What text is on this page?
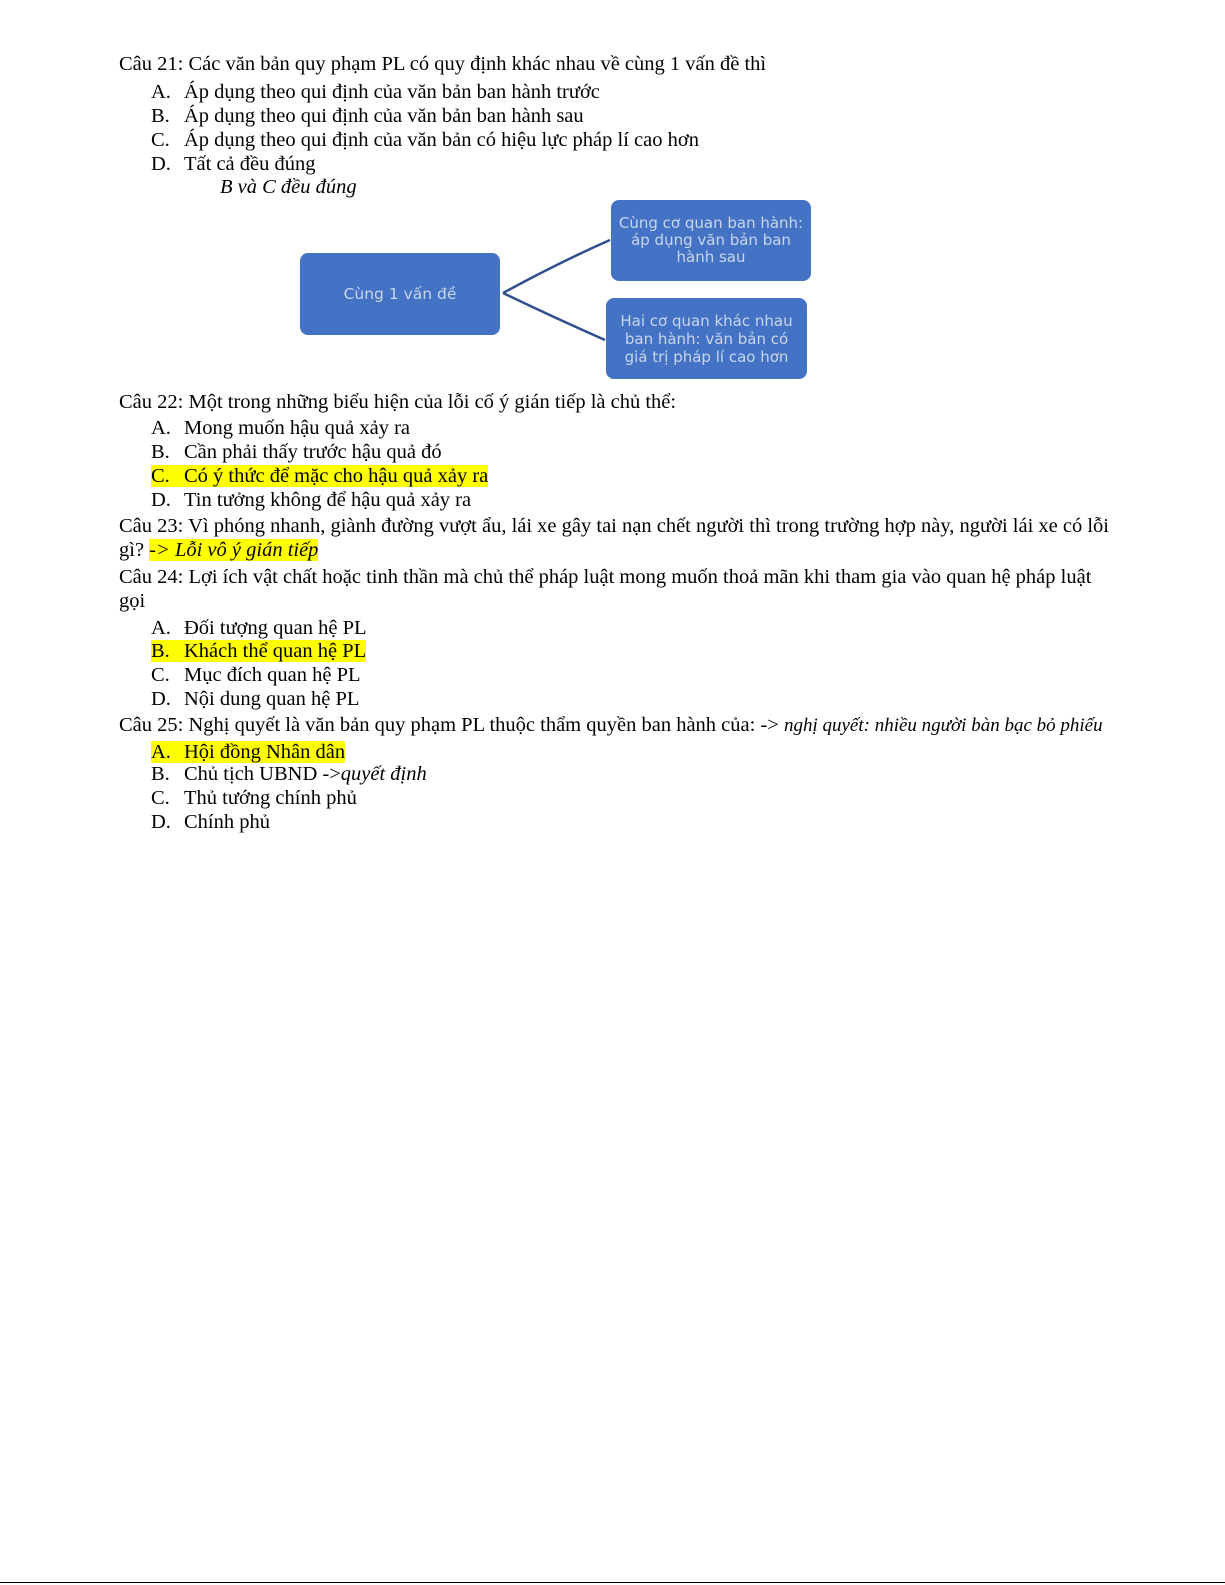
Câu 21: Các văn bản quy phạm PL có quy định khác nhau về cùng 1 vấn đề thì
A. Áp dụng theo qui định của văn bản ban hành trước
B. Áp dụng theo qui định của văn bản ban hành sau
C. Áp dụng theo qui định của văn bản có hiệu lực pháp lí cao hơn
D. Tất cả đều đúng
B và C đều đúng
Cùng 1 vấn đề
Cùng cơ quan ban hành:
áp dụng văn bản ban
hành sau
Hai cơ quan khác nhau
ban hành: văn bản có
giá trị pháp lí cao hơn
Câu 22: Một trong những biểu hiện của lỗi cố ý gián tiếp là chủ thể:
A. Mong muốn hậu quả xảy ra
B. Cần phải thấy trước hậu quả đó
C. Có ý thức để mặc cho hậu quả xảy ra
D. Tin tưởng không để hậu quả xảy ra
Câu 23: Vì phóng nhanh, giành đường vượt ẩu, lái xe gây tai nạn chết người thì trong trường hợp này, người lái xe có lỗi
gì? -> Lỗi vô ý gián tiếp
Câu 24: Lợi ích vật chất hoặc tinh thần mà chủ thể pháp luật mong muốn thoả mãn khi tham gia vào quan hệ pháp luật
gọi
A. Đối tượng quan hệ PL
B. Khách thể quan hệ PL
C. Mục đích quan hệ PL
D. Nội dung quan hệ PL
Câu 25: Nghị quyết là văn bản quy phạm PL thuộc thẩm quyền ban hành của: -> nghị quyết: nhiều người bàn bạc bỏ phiếu
A. Hội đồng Nhân dân
B. Chủ tịch UBND ->quyết định
C. Thủ tướng chính phủ
D. Chính phủ
